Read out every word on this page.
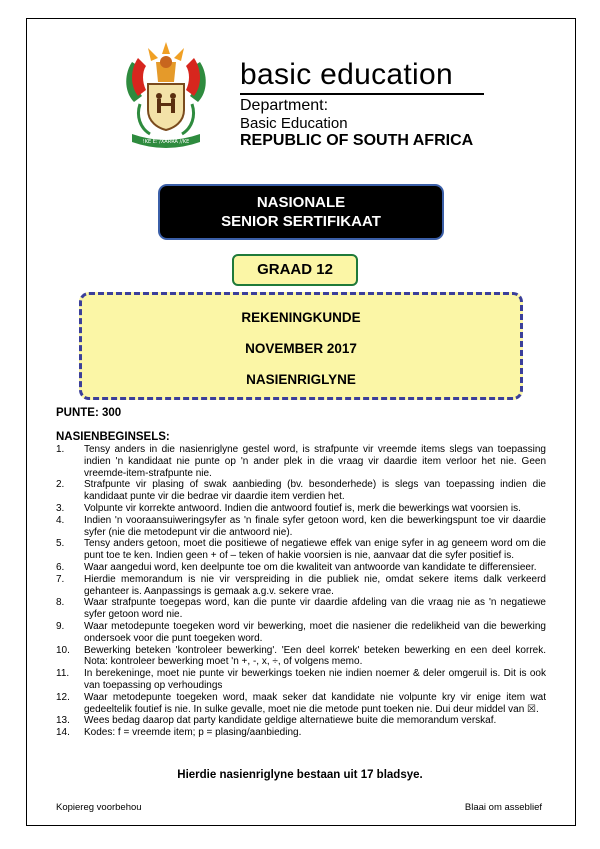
!KE E: /XARRA //KE
basic education
Department:
Basic Education
REPUBLIC OF SOUTH AFRICA
NASIONALE
SENIOR SERTIFIKAAT
GRAAD 12
REKENINGKUNDE
NOVEMBER 2017
NASIENRIGLYNE
PUNTE: 300
NASIENBEGINSELS:
1.	Tensy anders in die nasienriglyne gestel word, is strafpunte vir vreemde items slegs van toepassing indien 'n kandidaat nie punte op 'n ander plek in die vraag vir daardie item verloor het nie. Geen vreemde-item-strafpunte nie.
2.	Strafpunte vir plasing of swak aanbieding (bv. besonderhede) is slegs van toepassing indien die kandidaat punte vir die bedrae vir daardie item verdien het.
3.	Volpunte vir korrekte antwoord. Indien die antwoord foutief is, merk die bewerkings wat voorsien is.
4.	Indien 'n vooraansuiweringsyfer as 'n finale syfer getoon word, ken die bewerkingspunt toe vir daardie syfer (nie die metodepunt vir die antwoord nie).
5.	Tensy anders getoon, moet die positiewe of negatiewe effek van enige syfer in ag geneem word om die punt toe te ken. Indien geen + of – teken of hakie voorsien is nie, aanvaar dat die syfer positief is.
6.	Waar aangedui word, ken deelpunte toe om die kwaliteit van antwoorde van kandidate te differensieer.
7.	Hierdie memorandum is nie vir verspreiding in die publiek nie, omdat sekere items dalk verkeerd gehanteer is. Aanpassings is gemaak a.g.v. sekere vrae.
8.	Waar strafpunte toegepas word, kan die punte vir daardie afdeling van die vraag nie as 'n negatiewe syfer getoon word nie.
9.	Waar metodepunte toegeken word vir bewerking, moet die nasiener die redelikheid van die bewerking ondersoek voor die punt toegeken word.
10.	Bewerking beteken 'kontroleer bewerking'. 'Een deel korrek' beteken bewerking en een deel korrek. Nota: kontroleer bewerking moet 'n +, -, x, ÷, of volgens memo.
11.	In berekeninge, moet nie punte vir bewerkings toeken nie indien noemer & deler omgeruil is. Dit is ook van toepassing op verhoudings
12.	Waar metodepunte toegeken word, maak seker dat kandidate nie volpunte kry vir enige item wat gedeeltelik foutief is nie. In sulke gevalle, moet nie die metode punt toeken nie. Dui deur middel van ☒.
13.	Wees bedag daarop dat party kandidate geldige alternatiewe buite die memorandum verskaf.
14.	Kodes: f = vreemde item; p = plasing/aanbieding.
Hierdie nasienriglyne bestaan uit 17 bladsye.
Kopiereg voorbehou	Blaai om asseblief
